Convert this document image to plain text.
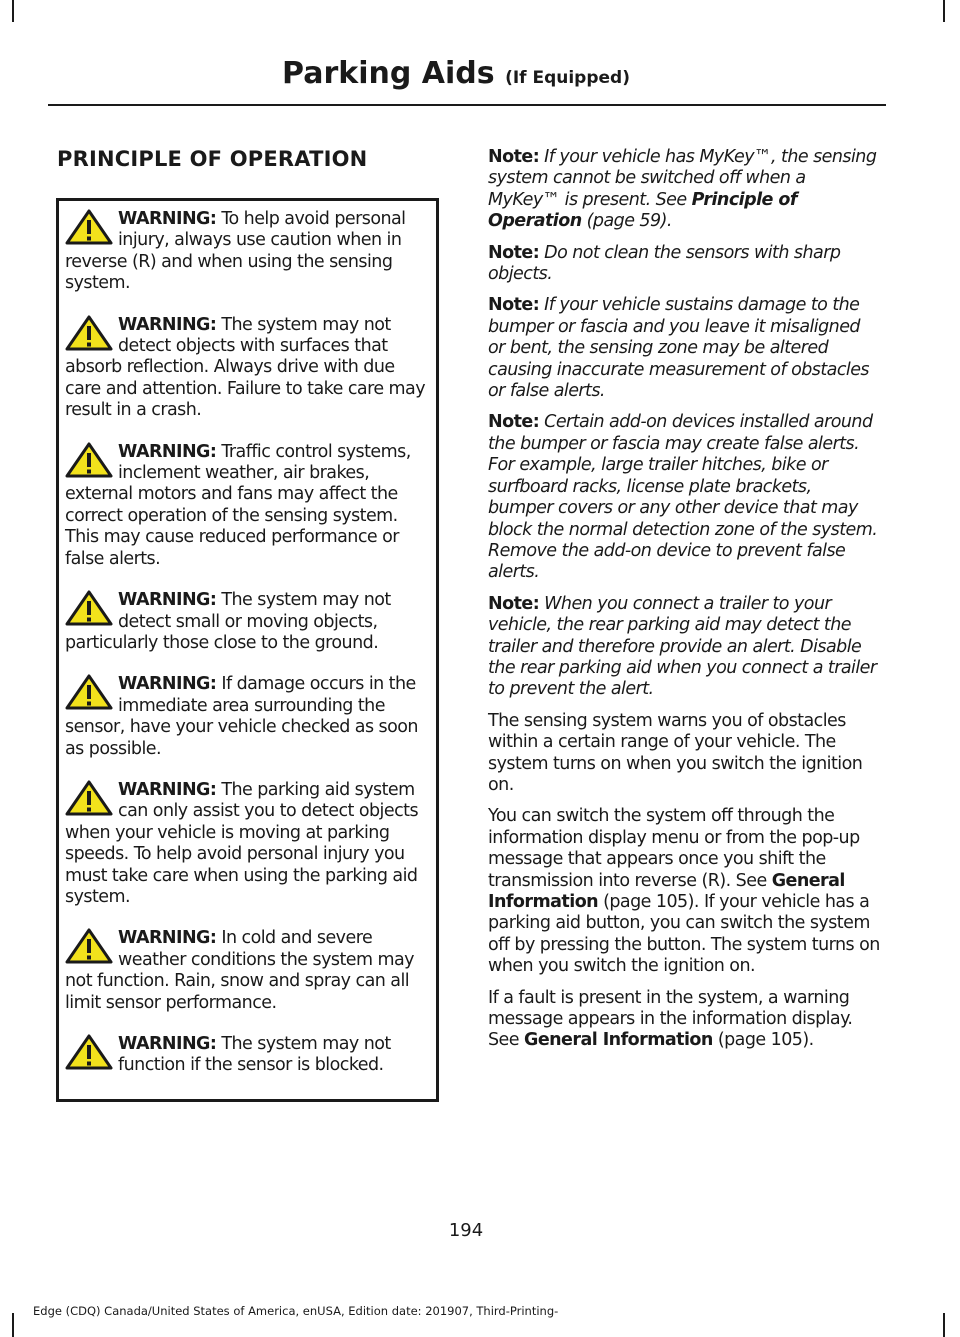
Parking Aids (If Equipped)
PRINCIPLE OF OPERATION
WARNING: To help avoid personal injury, always use caution when in reverse (R) and when using the sensing system.
WARNING: The system may not detect objects with surfaces that absorb reflection. Always drive with due care and attention. Failure to take care may result in a crash.
WARNING: Traffic control systems, inclement weather, air brakes, external motors and fans may affect the correct operation of the sensing system. This may cause reduced performance or false alerts.
WARNING: The system may not detect small or moving objects, particularly those close to the ground.
WARNING: If damage occurs in the immediate area surrounding the sensor, have your vehicle checked as soon as possible.
WARNING: The parking aid system can only assist you to detect objects when your vehicle is moving at parking speeds. To help avoid personal injury you must take care when using the parking aid system.
WARNING: In cold and severe weather conditions the system may not function. Rain, snow and spray can all limit sensor performance.
WARNING: The system may not function if the sensor is blocked.

Note: If your vehicle has MyKey™, the sensing system cannot be switched off when a MyKey™ is present. See Principle of Operation (page 59).

Note: Do not clean the sensors with sharp objects.

Note: If your vehicle sustains damage to the bumper or fascia and you leave it misaligned or bent, the sensing zone may be altered causing inaccurate measurement of obstacles or false alerts.

Note: Certain add-on devices installed around the bumper or fascia may create false alerts. For example, large trailer hitches, bike or surfboard racks, license plate brackets, bumper covers or any other device that may block the normal detection zone of the system. Remove the add-on device to prevent false alerts.

Note: When you connect a trailer to your vehicle, the rear parking aid may detect the trailer and therefore provide an alert. Disable the rear parking aid when you connect a trailer to prevent the alert.

The sensing system warns you of obstacles within a certain range of your vehicle. The system turns on when you switch the ignition on.

You can switch the system off through the information display menu or from the pop-up message that appears once you shift the transmission into reverse (R). See General Information (page 105). If your vehicle has a parking aid button, you can switch the system off by pressing the button. The system turns on when you switch the ignition on.

If a fault is present in the system, a warning message appears in the information display. See General Information (page 105).

194
Edge (CDQ) Canada/United States of America, enUSA, Edition date: 201907, Third-Printing-
